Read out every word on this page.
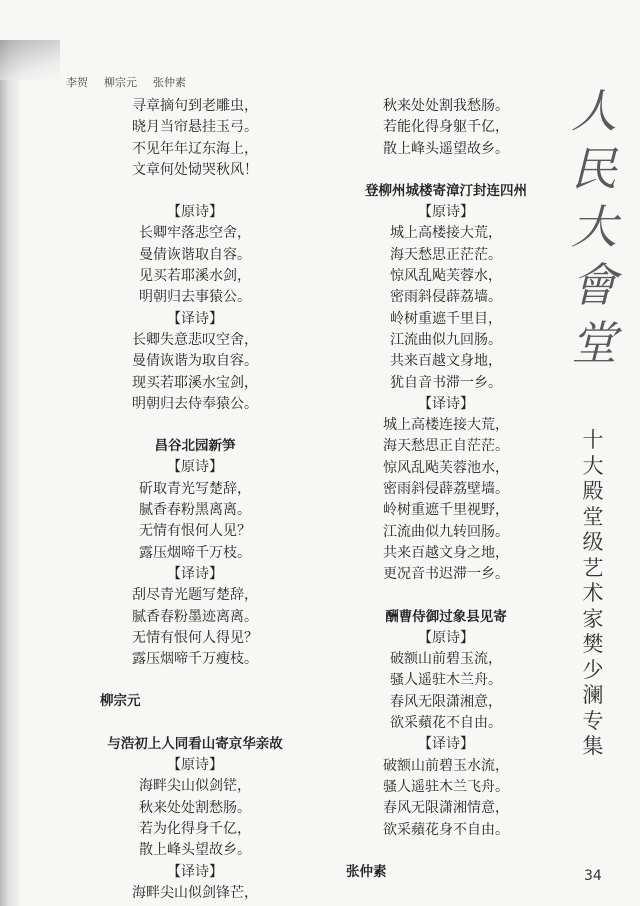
李贺 柳宗元 张仲素
寻章摘句到老雕虫，
晓月当帘悬挂玉弓。
不见年年辽东海上，
文章何处恸哭秋风！
【原诗】
长卿牢落悲空舍，
曼倩诙谐取自容。
见买若耶溪水剑，
明朝归去事猿公。
【译诗】
长卿失意悲叹空舍，
曼倩诙谐为取自容。
现买若耶溪水宝剑，
明朝归去侍奉猿公。
昌谷北园新笋
【原诗】
斫取青光写楚辞，
腻香春粉黑离离。
无情有恨何人见？
露压烟啼千万枝。
【译诗】
刮尽青光题写楚辞，
腻香春粉墨迹离离。
无情有恨何人得见？
露压烟啼千万瘦枝。
柳宗元
与浩初上人同看山寄京华亲故
【原诗】
海畔尖山似剑铓，
秋来处处割愁肠。
若为化得身千亿，
散上峰头望故乡。
【译诗】
海畔尖山似剑锋芒，
秋来处处割我愁肠。
若能化得身躯千亿，
散上峰头遥望故乡。
登柳州城楼寄漳汀封连四州
【原诗】
城上高楼接大荒，
海天愁思正茫茫。
惊风乱飐芙蓉水，
密雨斜侵薜荔墙。
岭树重遮千里目，
江流曲似九回肠。
共来百越文身地，
犹自音书滞一乡。
【译诗】
城上高楼连接大荒，
海天愁思正自茫茫。
惊风乱飐芙蓉池水，
密雨斜侵薜荔壁墙。
岭树重遮千里视野，
江流曲似九转回肠。
共来百越文身之地，
更况音书迟滞一乡。
酬曹侍御过象县见寄
【原诗】
破额山前碧玉流，
骚人遥驻木兰舟。
春风无限潇湘意，
欲采蘋花不自由。
【译诗】
破额山前碧玉水流，
骚人遥驻木兰飞舟。
春风无限潇湘情意，
欲采蘋花身不自由。
张仲素
人
民
大
會
堂
十
大
殿
堂
级
艺
术
家
樊
少
澜
专
集
34
